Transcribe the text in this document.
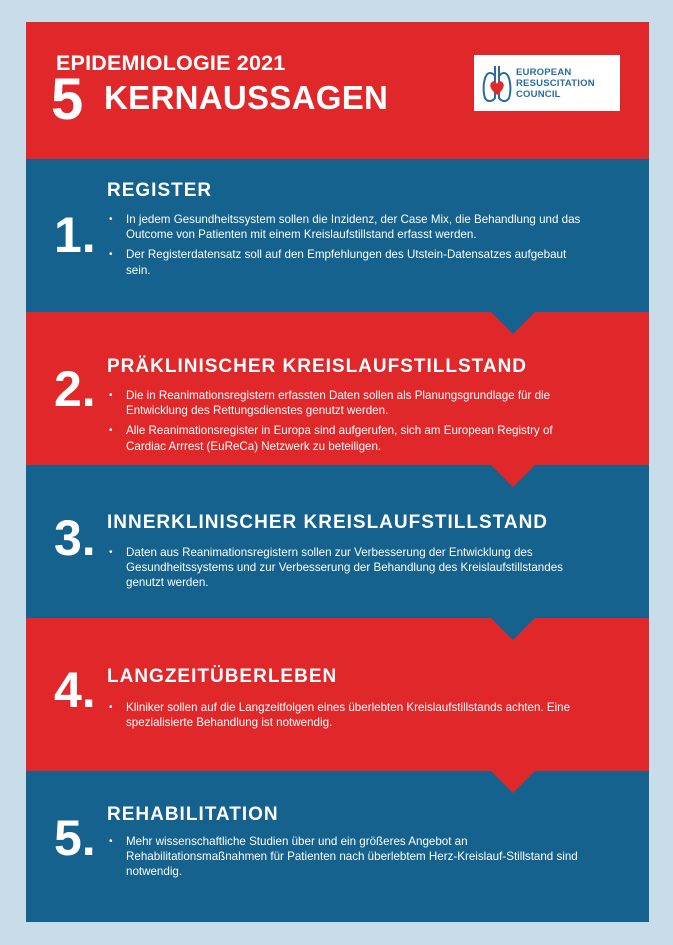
EPIDEMIOLOGIE 2021
5 KERNAUSSAGEN
EUROPEAN
RESUSCITATION
COUNCIL
1.
REGISTER
• In jedem Gesundheitssystem sollen die Inzidenz, der Case Mix, die Behandlung und das Outcome von Patienten mit einem Kreislaufstillstand erfasst werden.
• Der Registerdatensatz soll auf den Empfehlungen des Utstein-Datensatzes aufgebaut sein.
2. PRÄKLINISCHER KREISLAUFSTILLSTAND
• Die in Reanimationsregistern erfassten Daten sollen als Planungsgrundlage für die Entwicklung des Rettungsdienstes genutzt werden.
• Alle Reanimationsregister in Europa sind aufgerufen, sich am European Registry of Cardiac Arrrest (EuReCa) Netzwerk zu beteiligen.
3. INNERKLINISCHER KREISLAUFSTILLSTAND
• Daten aus Reanimationsregistern sollen zur Verbesserung der Entwicklung des Gesundheitssystems und zur Verbesserung der Behandlung des Kreislaufstillstandes genutzt werden.
4. LANGZEITÜBERLEBEN
• Kliniker sollen auf die Langzeitfolgen eines überlebten Kreislaufstillstands achten. Eine spezialisierte Behandlung ist notwendig.
5. REHABILITATION
• Mehr wissenschaftliche Studien über und ein größeres Angebot an Rehabilitationsmaßnahmen für Patienten nach überlebtem Herz-Kreislauf-Stillstand sind notwendig.
